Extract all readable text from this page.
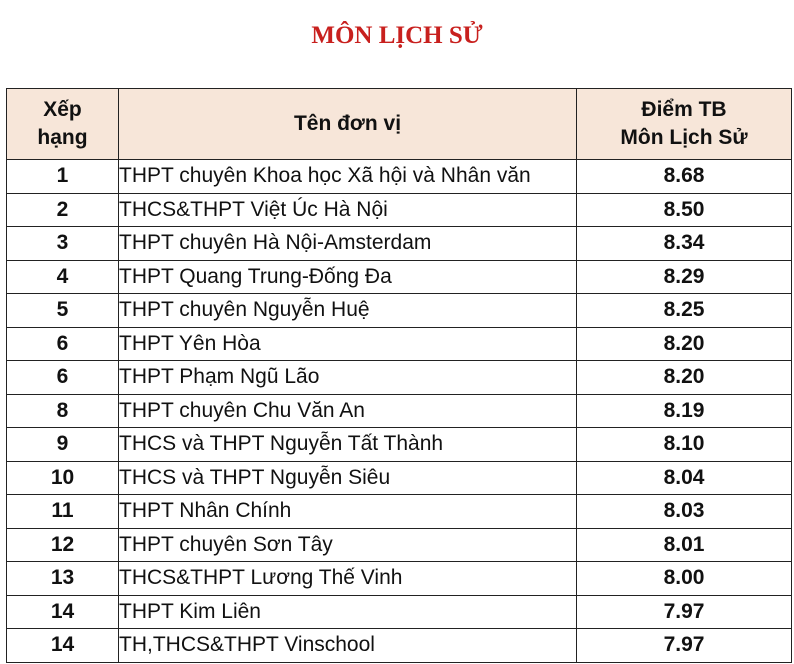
MÔN LỊCH SỬ
Xếp
hạng	Tên đơn vị	Điểm TB
Môn Lịch Sử

1	THPT chuyên Khoa học Xã hội và Nhân văn	8.68
2	THCS&THPT Việt Úc Hà Nội	8.50
3	THPT chuyên Hà Nội-Amsterdam	8.34
4	THPT Quang Trung-Đống Đa	8.29
5	THPT chuyên Nguyễn Huệ	8.25
6	THPT Yên Hòa	8.20
6	THPT Phạm Ngũ Lão	8.20
8	THPT chuyên Chu Văn An	8.19
9	THCS và THPT Nguyễn Tất Thành	8.10
10	THCS và THPT Nguyễn Siêu	8.04
11	THPT Nhân Chính	8.03
12	THPT chuyên Sơn Tây	8.01
13	THCS&THPT Lương Thế Vinh	8.00
14	THPT Kim Liên	7.97
14	TH,THCS&THPT Vinschool	7.97
